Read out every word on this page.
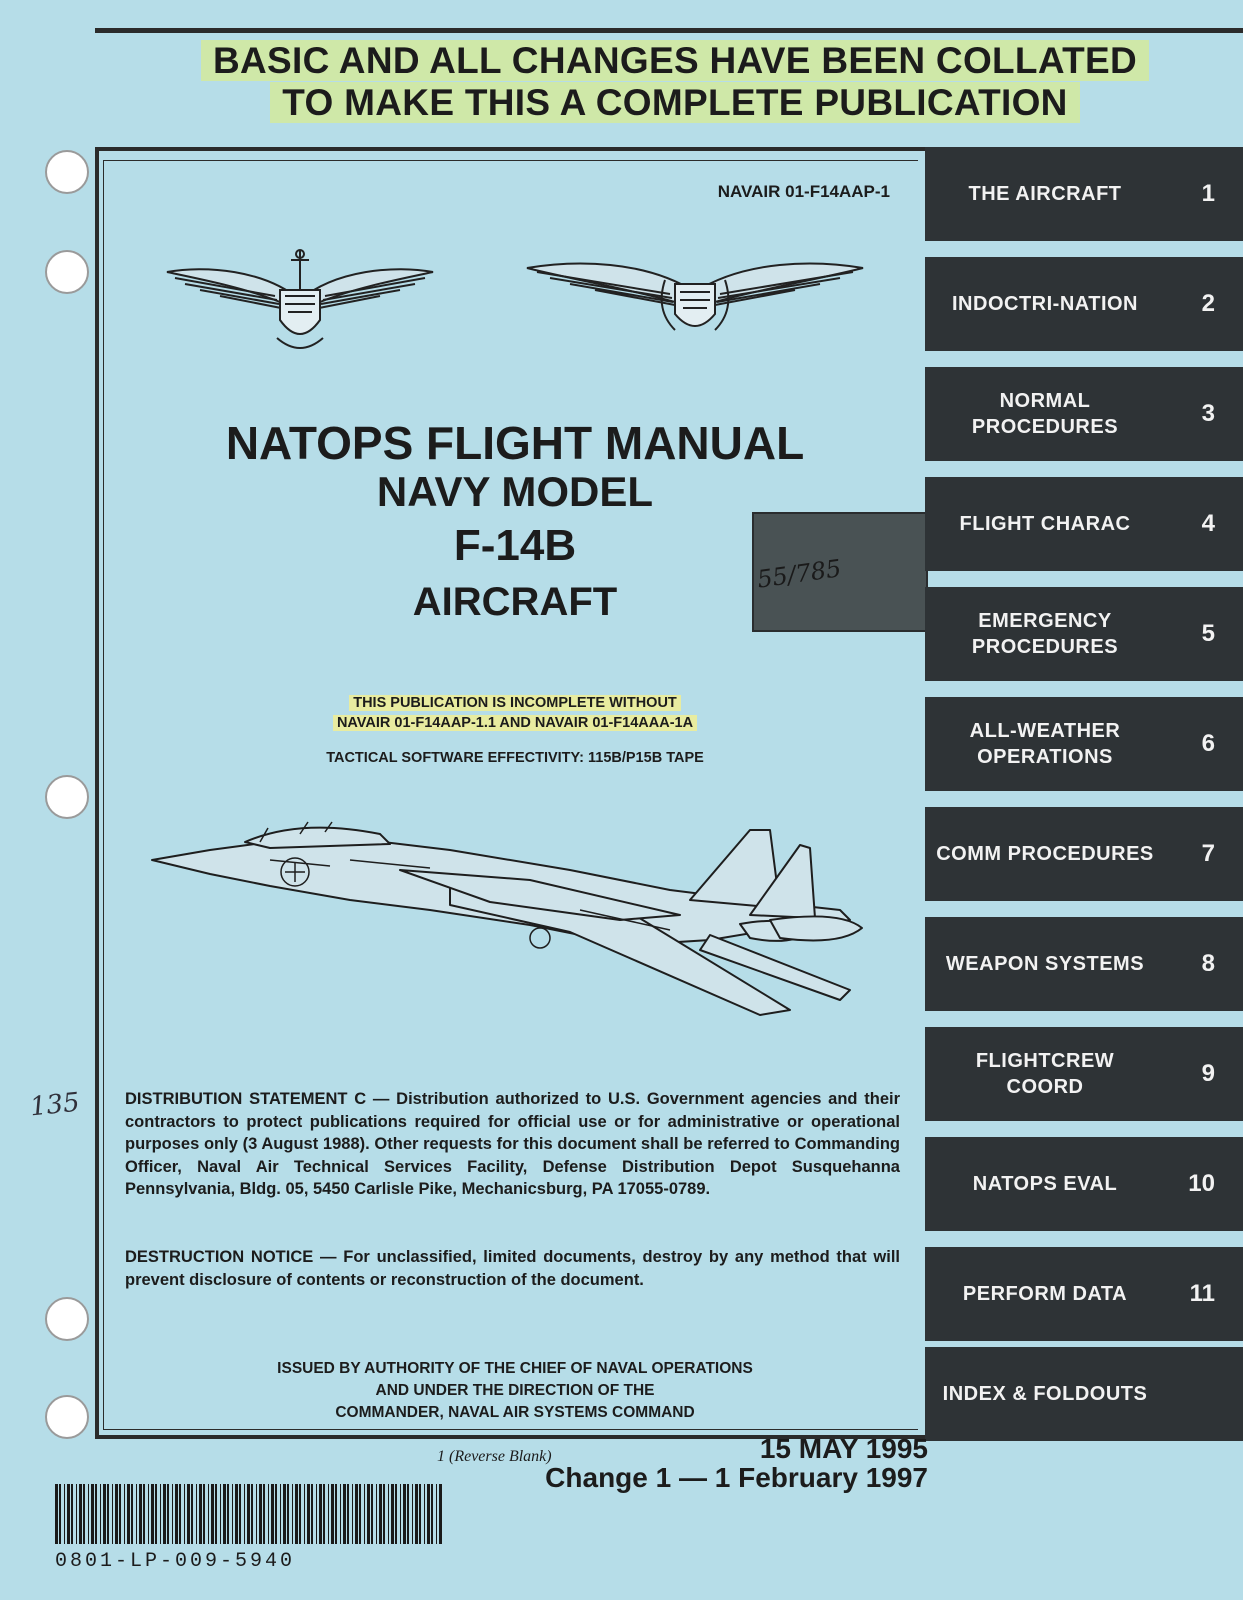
BASIC AND ALL CHANGES HAVE BEEN COLLATED
TO MAKE THIS A COMPLETE PUBLICATION
NAVAIR 01-F14AAP-1
NATOPS FLIGHT MANUAL
NAVY MODEL
F-14B
AIRCRAFT
55/785
THIS PUBLICATION IS INCOMPLETE WITHOUT
NAVAIR 01-F14AAP-1.1 AND NAVAIR 01-F14AAA-1A
TACTICAL SOFTWARE EFFECTIVITY: 115B/P15B TAPE
135	DISTRIBUTION STATEMENT C — Distribution authorized to U.S. Government agencies and their contractors to protect publications required for official use or for administrative or operational purposes only (3 August 1988). Other requests for this document shall be referred to Commanding Officer, Naval Air Technical Services Facility, Defense Distribution Depot Susquehanna Pennsylvania, Bldg. 05, 5450 Carlisle Pike, Mechanicsburg, PA 17055-0789.
DESTRUCTION NOTICE — For unclassified, limited documents, destroy by any method that will prevent disclosure of contents or reconstruction of the document.
ISSUED BY AUTHORITY OF THE CHIEF OF NAVAL OPERATIONS
AND UNDER THE DIRECTION OF THE
COMMANDER, NAVAL AIR SYSTEMS COMMAND
THE AIRCRAFT	1
INDOCTRI-NATION	2
NORMAL PROCEDURES	3
FLIGHT CHARAC	4
EMERGENCY PROCEDURES	5
ALL-WEATHER OPERATIONS	6
COMM PROCEDURES 7
WEAPON SYSTEMS	8
FLIGHTCREW COORD	9
NATOPS EVAL	10
PERFORM DATA	11
INDEX & FOLDOUTS
1 (Reverse Blank)	15 MAY 1995
Change 1 — 1 February 1997
0801-LP-009-5940
